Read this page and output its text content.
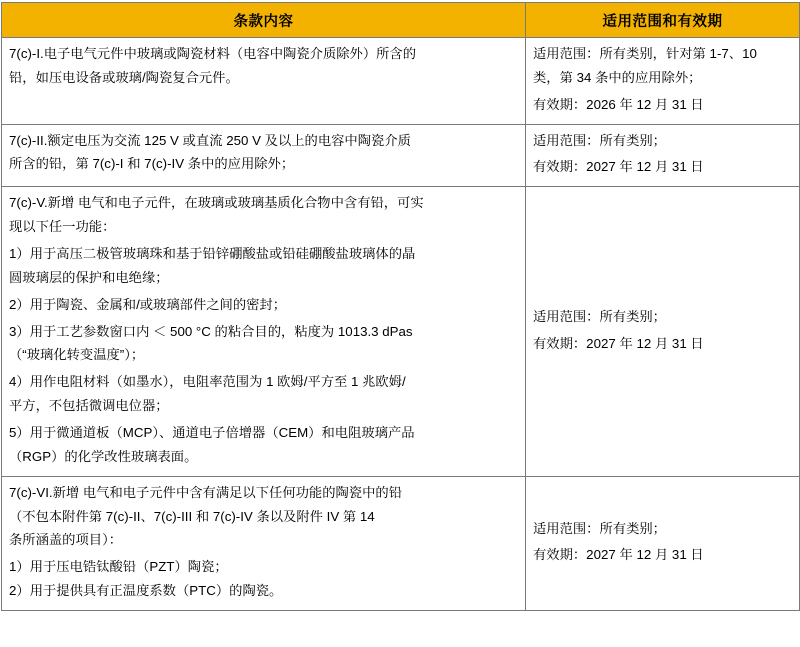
条款内容	适用范围和有效期

7(c)-I.电子电气元件中玻璃或陶瓷材料（电容中陶瓷介质除外）所含的
铅，如压电设备或玻璃/陶瓷复合元件。

适用范围：所有类别，针对第 1-7、10
类，第 34 条中的应用除外；
有效期：2026 年 12 月 31 日

7(c)-II.额定电压为交流 125 V 或直流 250 V 及以上的电容中陶瓷介质
所含的铅，第 7(c)-I 和 7(c)-IV 条中的应用除外；

适用范围：所有类别；
有效期：2027 年 12 月 31 日

7(c)-V.新增 电气和电子元件，在玻璃或玻璃基质化合物中含有铅，可实
现以下任一功能：
1）用于高压二极管玻璃珠和基于铅锌硼酸盐或铅硅硼酸盐玻璃体的晶
圆玻璃层的保护和电绝缘；
2）用于陶瓷、金属和/或玻璃部件之间的密封；
3）用于工艺参数窗口内 ＜ 500 °C 的粘合目的，粘度为 1013.3 dPas
（“玻璃化转变温度”）；
4）用作电阻材料（如墨水），电阻率范围为 1 欧姆/平方至 1 兆欧姆/
平方，不包括微调电位器；
5）用于微通道板（MCP）、通道电子倍增器（CEM）和电阻玻璃产品
（RGP）的化学改性玻璃表面。

适用范围：所有类别；
有效期：2027 年 12 月 31 日

7(c)-VI.新增 电气和电子元件中含有满足以下任何功能的陶瓷中的铅
（不包本附件第 7(c)-II、7(c)-III 和 7(c)-IV 条以及附件 IV 第 14
条所涵盖的项目）：
1）用于压电锆钛酸铅（PZT）陶瓷；
2）用于提供具有正温度系数（PTC）的陶瓷。

适用范围：所有类别；
有效期：2027 年 12 月 31 日
